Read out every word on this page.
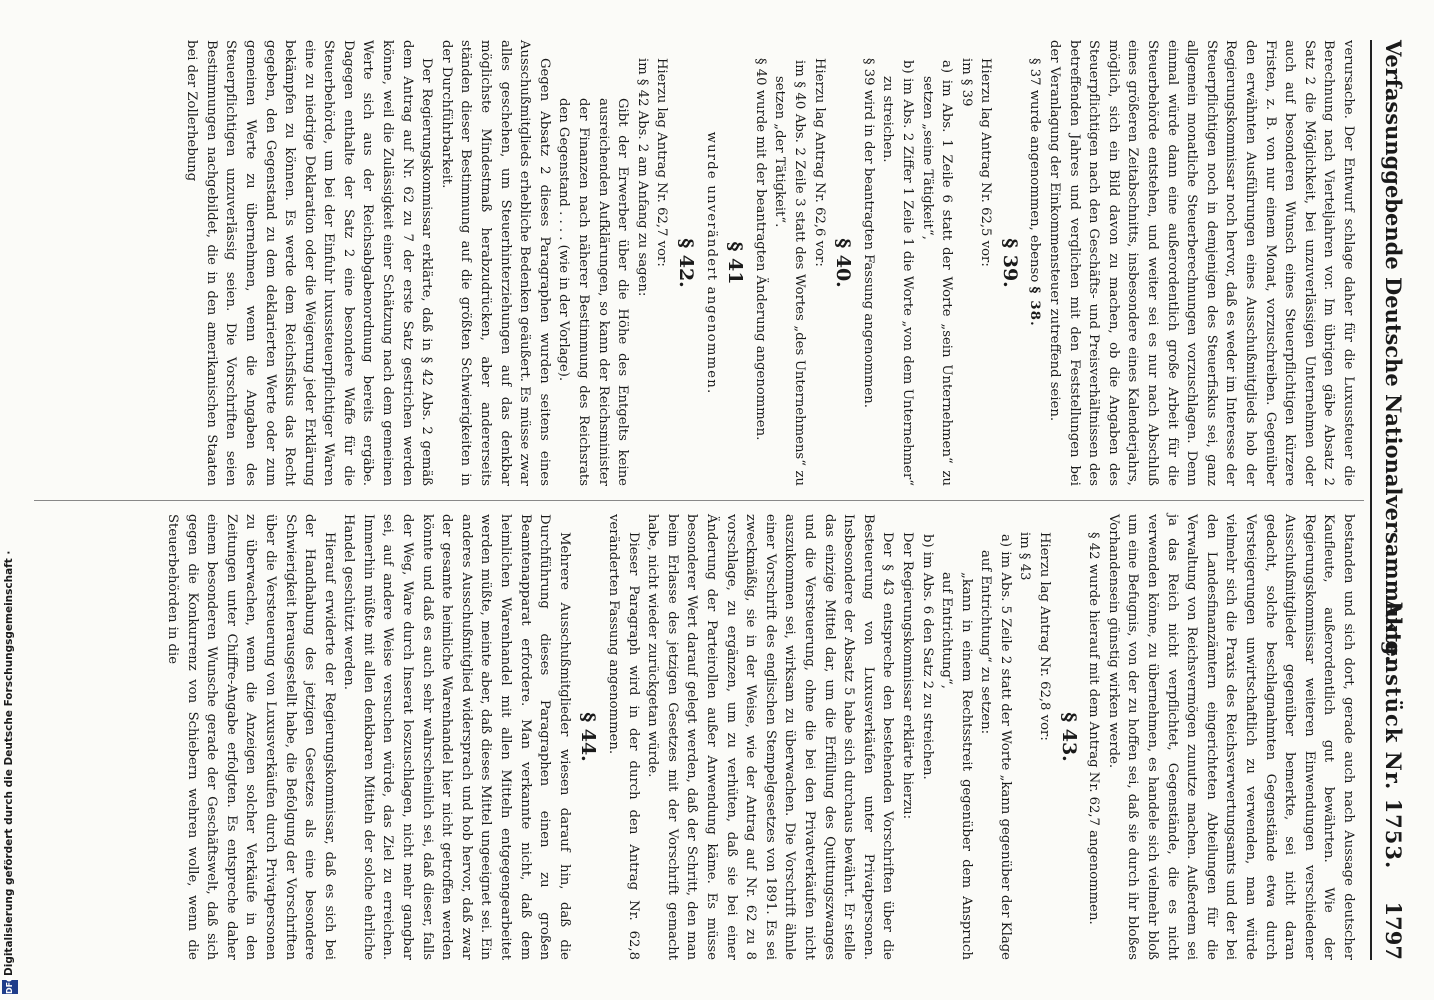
Verfassunggebende Deutsche Nationalversammlung.
Aktenstück Nr. 1753.
1797

verursache. Der Entwurf schlage daher für die Luxussteuer die Berechnung nach Vierteljahren vor. Im übrigen gäbe Absatz 2 Satz 2 die Möglichkeit, bei unzuverlässigen Unternehmen oder auch auf besonderen Wunsch eines Steuerpflichtigen kürzere Fristen, z. B. von nur einem Monat, vorzuschreiben. Gegenüber den erwähnten Ausführungen eines Ausschußmitglieds hob der Regierungskommissar noch hervor, daß es weder im Interesse der Steuerpflichtigen noch in demjenigen des Steuerfiskus sei, ganz allgemein monatliche Steuerberechnungen vorzuschlagen. Denn einmal würde dann eine außerordentlich große Arbeit für die Steuerbehörde entstehen, und weiter sei es nur nach Abschluß eines größeren Zeitabschnitts, insbesondere eines Kalenderjahrs, möglich, sich ein Bild davon zu machen, ob die Angaben des Steuerpflichtigen nach den Geschäfts- und Preisverhältnissen des betreffenden Jahres und verglichen mit den Feststellungen bei der Veranlagung der Einkommensteuer zutreffend seien.

§ 37 wurde angenommen, ebenso § 38.

§ 39.

Hierzu lag Antrag Nr. 62,5 vor:

im § 39

a) im Abs. 1 Zeile 6 statt der Worte „sein Unternehmen“ zu setzen „seine Tätigkeit“,

b) im Abs. 2 Ziffer 1 Zeile 1 die Worte „von dem Unternehmer“ zu streichen.

§ 39 wird in der beantragten Fassung angenommen.

§ 40.

Hierzu lag Antrag Nr. 62,6 vor:

im § 40 Abs. 2 Zeile 3 statt des Wortes „des Unternehmens“ zu setzen „der Tätigkeit“.

§ 40 wurde mit der beantragten Änderung angenommen.

§ 41

wurde unverändert angenommen.

§ 42.

Hierzu lag Antrag Nr. 62,7 vor:

im § 42 Abs. 2 am Anfang zu sagen:

Gibt der Erwerber über die Höhe des Entgelts keine ausreichenden Aufklärungen, so kann der Reichsminister der Finanzen nach näherer Bestimmung des Reichsrats den Gegenstand . . . . (wie in der Vorlage).

Gegen Absatz 2 dieses Paragraphen wurden seitens eines Ausschußmitglieds erhebliche Bedenken geäußert. Es müsse zwar alles geschehen, um Steuerhinterziehungen auf das denkbar möglichste Mindestmaß herabzudrücken, aber andererseits ständen dieser Bestimmung auf die größten Schwierigkeiten in der Durchführbarkeit.

Der Regierungskommissar erklärte, daß in § 42 Abs. 2 gemäß dem Antrag auf Nr. 62 zu 7 der erste Satz gestrichen werden könne, weil die Zulässigkeit einer Schätzung nach dem gemeinen Werte sich aus der Reichsabgabenordnung bereits ergäbe. Dagegen enthalte der Satz 2 eine besondere Waffe für die Steuerbehörde, um bei der Einfuhr luxussteuerpflichtiger Waren eine zu niedrige Deklaration oder die Weigerung jeder Erklärung bekämpfen zu können. Es werde dem Reichsfiskus das Recht gegeben, den Gegenstand zu dem deklarierten Werte oder zum gemeinen Werte zu übernehmen, wenn die Angaben des Steuerpflichtigen unzuverlässig seien. Die Vorschriften seien Bestimmungen nachgebildet, die in den amerikanischen Staaten bei der Zollerhebung

bestanden und sich dort, gerade auch nach Aussage deutscher Kaufleute, außerordentlich gut bewährten. Wie der Regierungskommissar weiteren Einwendungen verschiedener Ausschußmitglieder gegenüber bemerkte, sei nicht daran gedacht, solche beschlagnahmten Gegenstände etwa durch Versteigerungen unwirtschaftlich zu verwenden, man würde vielmehr sich die Praxis des Reichsverwertungsamts und der bei den Landesfinanzämtern eingerichteten Abteilungen für die Verwaltung von Reichsvermögen zunutze machen. Außerdem sei ja das Reich nicht verpflichtet, Gegenstände, die es nicht verwenden könne, zu übernehmen, es handele sich vielmehr bloß um eine Befugnis, von der zu hoffen sei, daß sie durch ihr bloßes Vorhandensein günstig wirken werde.

§ 42 wurde hierauf mit dem Antrag Nr. 62,7 angenommen.

§ 43.

Hierzu lag Antrag Nr. 62,8 vor:

im § 43

a) im Abs. 5 Zeile 2 statt der Worte „kann gegenüber der Klage auf Entrichtung“ zu setzen:

„kann in einem Rechtsstreit gegenüber dem Anspruch auf Entrichtung“,

b) im Abs. 6 den Satz 2 zu streichen.

Der Regierungskommissar erklärte hierzu:

Der § 43 entspreche den bestehenden Vorschriften über die Besteuerung von Luxusverkäufen unter Privatpersonen. Insbesondere der Absatz 5 habe sich durchaus bewährt. Er stelle das einzige Mittel dar, um die Erfüllung des Quittungszwanges und die Versteuerung, ohne die bei den Privatverkäufen nicht auszukommen sei, wirksam zu überwachen. Die Vorschrift ähnle einer Vorschrift des englischen Stempelgesetzes von 1891. Es sei zweckmäßig, sie in der Weise, wie der Antrag auf Nr. 62 zu 8 vorschlage, zu ergänzen, um zu verhüten, daß sie bei einer Änderung der Parteirollen außer Anwendung käme. Es müsse besonderer Wert darauf gelegt werden, daß der Schritt, den man beim Erlasse des jetzigen Gesetzes mit der Vorschrift gemacht habe, nicht wieder zurückgetan würde.

Dieser Paragraph wird in der durch den Antrag Nr. 62,8 veränderten Fassung angenommen.

§ 44.

Mehrere Ausschußmitglieder wiesen darauf hin, daß die Durchführung dieses Paragraphen einen zu großen Beamtenapparat erfordere. Man verkannte nicht, daß dem heimlichen Warenhandel mit allen Mitteln entgegengearbeitet werden müßte, meinte aber, daß dieses Mittel ungeeignet sei. Ein anderes Ausschußmitglied widersprach und hob hervor, daß zwar der gesamte heimliche Warenhandel hier nicht getroffen werden könnte und daß es auch sehr wahrscheinlich sei, daß dieser, falls der Weg, Ware durch Inserat loszuschlagen, nicht mehr gangbar sei, auf andere Weise versuchen würde, das Ziel zu erreichen. Immerhin müßte mit allen denkbaren Mitteln der solche ehrliche Handel geschützt werden.

Hierauf erwiderte der Regierungskommissar, daß es sich bei der Handhabung des jetzigen Gesetzes als eine besondere Schwierigkeit herausgestellt habe, die Befolgung der Vorschriften über die Versteuerung von Luxusverkäufen durch Privatpersonen zu überwachen, wenn die Anzeigen solcher Verkäufe in den Zeitungen unter Chiffre-Angabe erfolgten. Es entspreche daher einem besonderen Wunsche gerade der Geschäftswelt, daß sich gegen die Konkurrenz von Schiebern wehren wolle, wenn die Steuerbehörden in die

DFG
Digitalisierung gefördert durch die Deutsche Forschungsgemeinschaft ·
